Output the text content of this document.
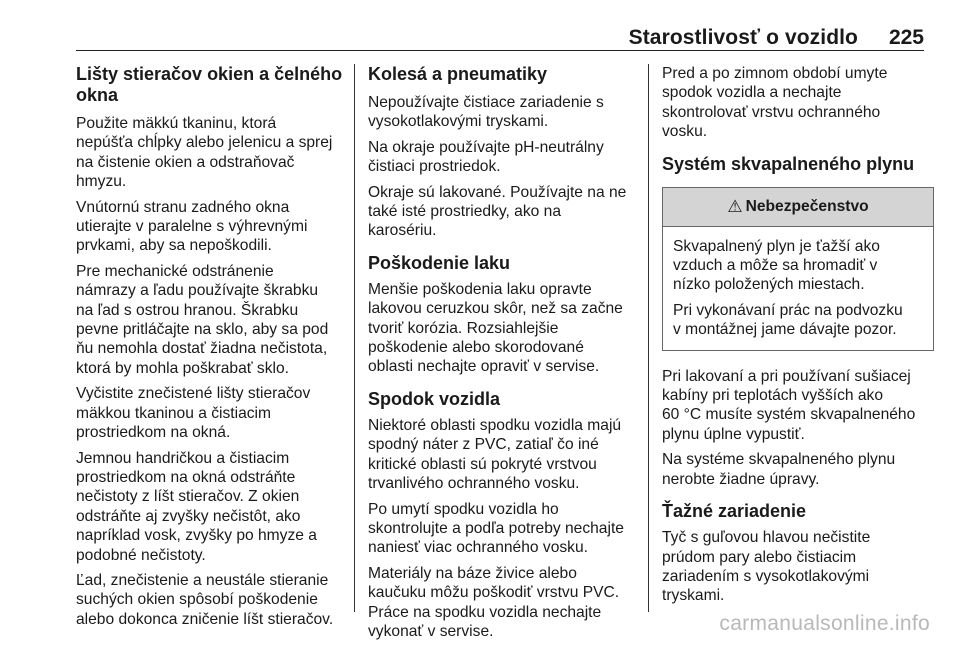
Starostlivosť o vozidlo 225
Lišty stieračov okien a čelného okna

Použite mäkkú tkaninu, ktorá
nepúšťa chĺpky alebo jelenicu a sprej
na čistenie okien a odstraňovač
hmyzu.

Vnútornú stranu zadného okna
utierajte v paralelne s výhrevnými
prvkami, aby sa nepoškodili.

Pre mechanické odstránenie
námrazy a ľadu používajte škrabku
na ľad s ostrou hranou. Škrabku
pevne pritláčajte na sklo, aby sa pod
ňu nemohla dostať žiadna nečistota,
ktorá by mohla poškrabať sklo.

Vyčistite znečistené lišty stieračov
mäkkou tkaninou a čistiacim
prostriedkom na okná.

Jemnou handričkou a čistiacim
prostriedkom na okná odstráňte
nečistoty z líšt stieračov. Z okien
odstráňte aj zvyšky nečistôt, ako
napríklad vosk, zvyšky po hmyze a
podobné nečistoty.

Ľad, znečistenie a neustále stieranie
suchých okien spôsobí poškodenie
alebo dokonca zničenie líšt stieračov.

Kolesá a pneumatiky

Nepoužívajte čistiace zariadenie s
vysokotlakovými tryskami.

Na okraje používajte pH-neutrálny
čistiaci prostriedok.

Okraje sú lakované. Používajte na ne
také isté prostriedky, ako na
karosériu.

Poškodenie laku

Menšie poškodenia laku opravte
lakovou ceruzkou skôr, než sa začne
tvoriť korózia. Rozsiahlejšie
poškodenie alebo skorodované
oblasti nechajte opraviť v servise.

Spodok vozidla

Niektoré oblasti spodku vozidla majú
spodný náter z PVC, zatiaľ čo iné
kritické oblasti sú pokryté vrstvou
trvanlivého ochranného vosku.

Po umytí spodku vozidla ho
skontrolujte a podľa potreby nechajte
naniesť viac ochranného vosku.

Materiály na báze živice alebo
kaučuku môžu poškodiť vrstvu PVC.
Práce na spodku vozidla nechajte
vykonať v servise.

Pred a po zimnom období umyte
spodok vozidla a nechajte
skontrolovať vrstvu ochranného
vosku.

Systém skvapalneného plynu
⚠ Nebezpečenstvo

Skvapalnený plyn je ťažší ako
vzduch a môže sa hromadiť v
nízko položených miestach.

Pri vykonávaní prác na podvozku
v montážnej jame dávajte pozor.

Pri lakovaní a pri používaní sušiacej
kabíny pri teplotách vyšších ako
60 °C musíte systém skvapalneného
plynu úplne vypustiť.

Na systéme skvapalneného plynu
nerobte žiadne úpravy.

Ťažné zariadenie

Tyč s guľovou hlavou nečistite
prúdom pary alebo čistiacim
zariadením s vysokotlakovými
tryskami.

carmanualsonline.info
